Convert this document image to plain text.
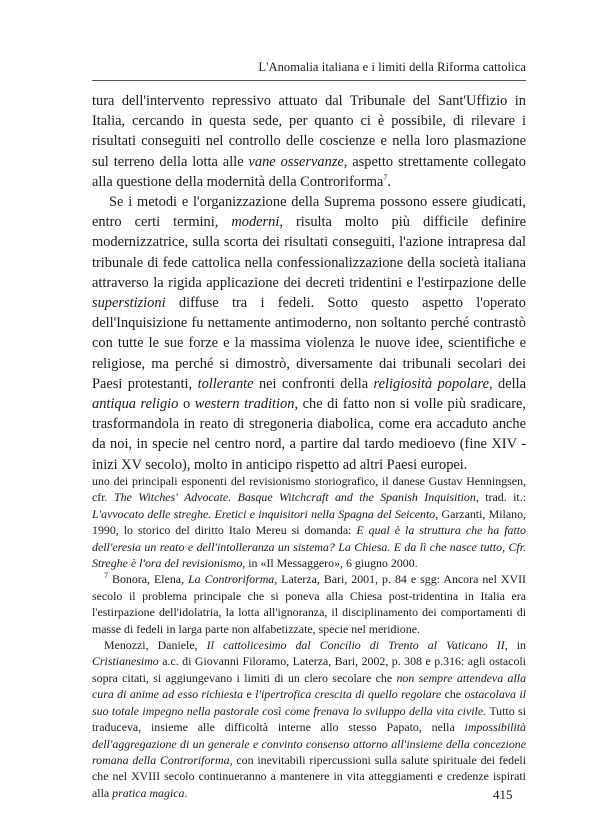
L'Anomalia italiana e i limiti della Riforma cattolica

tura dell'intervento repressivo attuato dal Tribunale del Sant'Uffizio in Italia, cercando in questa sede, per quanto ci è possibile, di rilevare i risultati conseguiti nel controllo delle coscienze e nella loro plasmazione sul terreno della lotta alle vane osservanze, aspetto strettamente collegato alla questione della modernità della Controriforma$^7$.

Se i metodi e l'organizzazione della Suprema possono essere giudicati, entro certi termini, moderni, risulta molto più difficile definire modernizzatrice, sulla scorta dei risultati conseguiti, l'azione intrapresa dal tribunale di fede cattolica nella confessionalizzazione della società italiana attraverso la rigida applicazione dei decreti tridentini e l'estirpazione delle superstizioni diffuse tra i fedeli. Sotto questo aspetto l'operato dell'Inquisizione fu nettamente antimoderno, non soltanto perché contrastò con tutte le sue forze e la massima violenza le nuove idee, scientifiche e religiose, ma perché si dimostrò, diversamente dai tribunali secolari dei Paesi protestanti, tollerante nei confronti della religiosità popolare, della antiqua religio o western tradition, che di fatto non si volle più sradicare, trasformandola in reato di stregoneria diabolica, come era accaduto anche da noi, in specie nel centro nord, a partire dal tardo medioevo (fine XIV - inizi XV secolo), molto in anticipo rispetto ad altri Paesi europei.

uno dei principali esponenti del revisionismo storiografico, il danese Gustav Henningsen, cfr. The Witches' Advocate. Basque Witchcraft and the Spanish Inquisition, trad. it.: L'avvocato delle streghe. Eretici e inquisitori nella Spagna del Seicento, Garzanti, Milano, 1990, lo storico del diritto Italo Mereu si domanda: E qual è la struttura che ha fatto dell'eresia un reato e dell'intolleranza un sistema? La Chiesa. E da lì che nasce tutto, Cfr. Streghe è l'ora del revisionismo, in «Il Messaggero», 6 giugno 2000.

$^7$ Bonora, Elena, La Controriforma, Laterza, Bari, 2001, p. 84 e sgg: Ancora nel XVII secolo il problema principale che si poneva alla Chiesa post-tridentina in Italia era l'estirpazione dell'idolatria, la lotta all'ignoranza, il disciplinamento dei comportamenti di masse di fedeli in larga parte non alfabetizzate, specie nel meridione.

Menozzi, Daniele, Il cattolicesimo dal Concilio di Trento al Vaticano II, in Cristianesimo a.c. di Giovanni Filoramo, Laterza, Bari, 2002, p. 308 e p.316: agli ostacoli sopra citati, si aggiungevano i limiti di un clero secolare che non sempre attendeva alla cura di anime ad esso richiesta e l'ipertrofica crescita di quello regolare che ostacolava il suo totale impegno nella pastorale così come frenava lo sviluppo della vita civile. Tutto si traduceva, insieme alle difficoltà interne allo stesso Papato, nella impossibilità dell'aggregazione di un generale e convinto consenso attorno all'insieme della concezione romana della Controriforma, con inevitabili ripercussioni sulla salute spirituale dei fedeli che nel XVIII secolo continueranno a mantenere in vita atteggiamenti e credenze ispirati alla pratica magica.	415
